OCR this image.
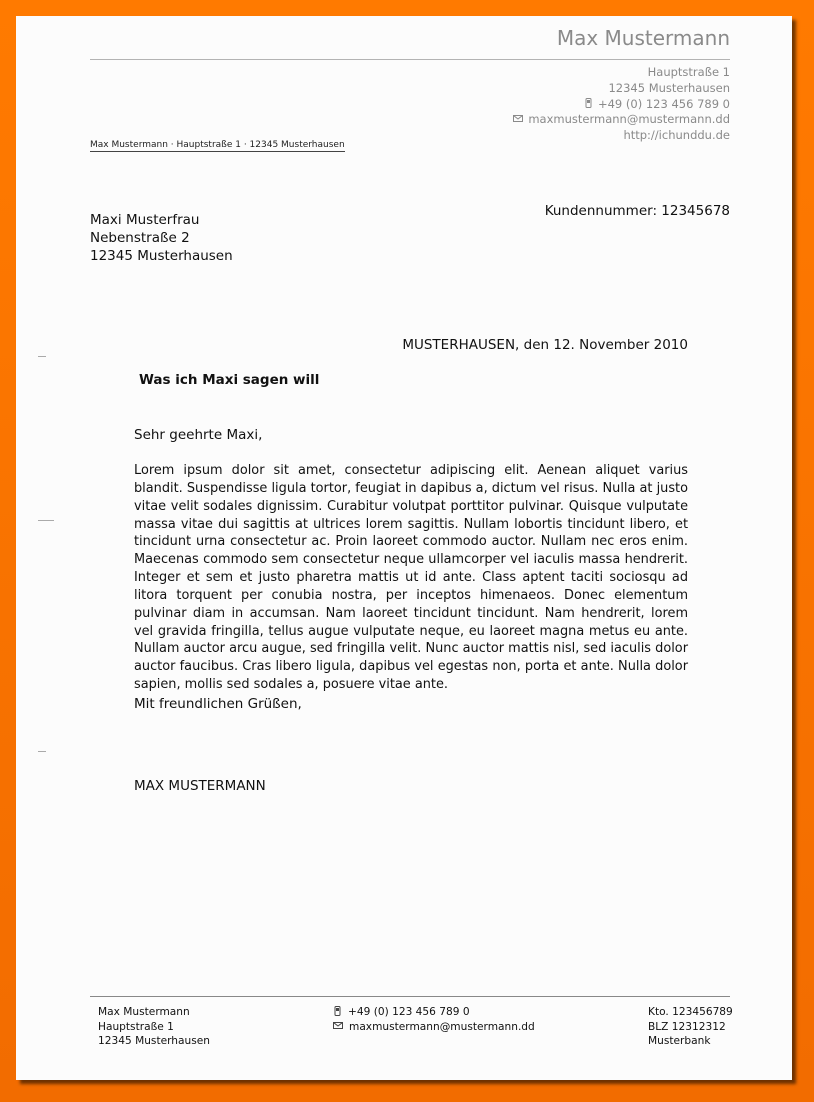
Max Mustermann
Hauptstraße 1
12345 Musterhausen
+49 (0) 123 456 789 0
maxmustermann@mustermann.dd
http://ichunddu.de
Max Mustermann · Hauptstraße 1 · 12345 Musterhausen
Maxi Musterfrau
Nebenstraße 2
12345 Musterhausen
Kundennummer: 12345678
MUSTERHAUSEN, den 12. November 2010
Was ich Maxi sagen will
Sehr geehrte Maxi,
Lorem ipsum dolor sit amet, consectetur adipiscing elit. Aenean aliquet varius blandit. Suspendisse ligula tortor, feugiat in dapibus a, dictum vel risus. Nulla at justo vitae velit sodales dignissim. Curabitur volutpat porttitor pulvinar. Quisque vulputate massa vitae dui sagittis at ultrices lorem sagittis. Nullam lobortis tincidunt libero, et tincidunt urna consectetur ac. Proin laoreet commodo auctor. Nullam nec eros enim. Maecenas commodo sem consectetur neque ullamcorper vel iaculis massa hendrerit. Integer et sem et justo pharetra mattis ut id ante. Class aptent taciti sociosqu ad litora torquent per conubia nostra, per inceptos himenaeos. Donec elementum pulvinar diam in accumsan. Nam laoreet tincidunt tincidunt. Nam hendrerit, lorem vel gravida fringilla, tellus augue vulputate neque, eu laoreet magna metus eu ante. Nullam auctor arcu augue, sed fringilla velit. Nunc auctor mattis nisl, sed iaculis dolor auctor faucibus. Cras libero ligula, dapibus vel egestas non, porta et ante. Nulla dolor sapien, mollis sed sodales a, posuere vitae ante.
Mit freundlichen Grüßen,
MAX MUSTERMANN
Max Mustermann
Hauptstraße 1
12345 Musterhausen
+49 (0) 123 456 789 0
maxmustermann@mustermann.dd
Kto. 123456789
BLZ 12312312
Musterbank
